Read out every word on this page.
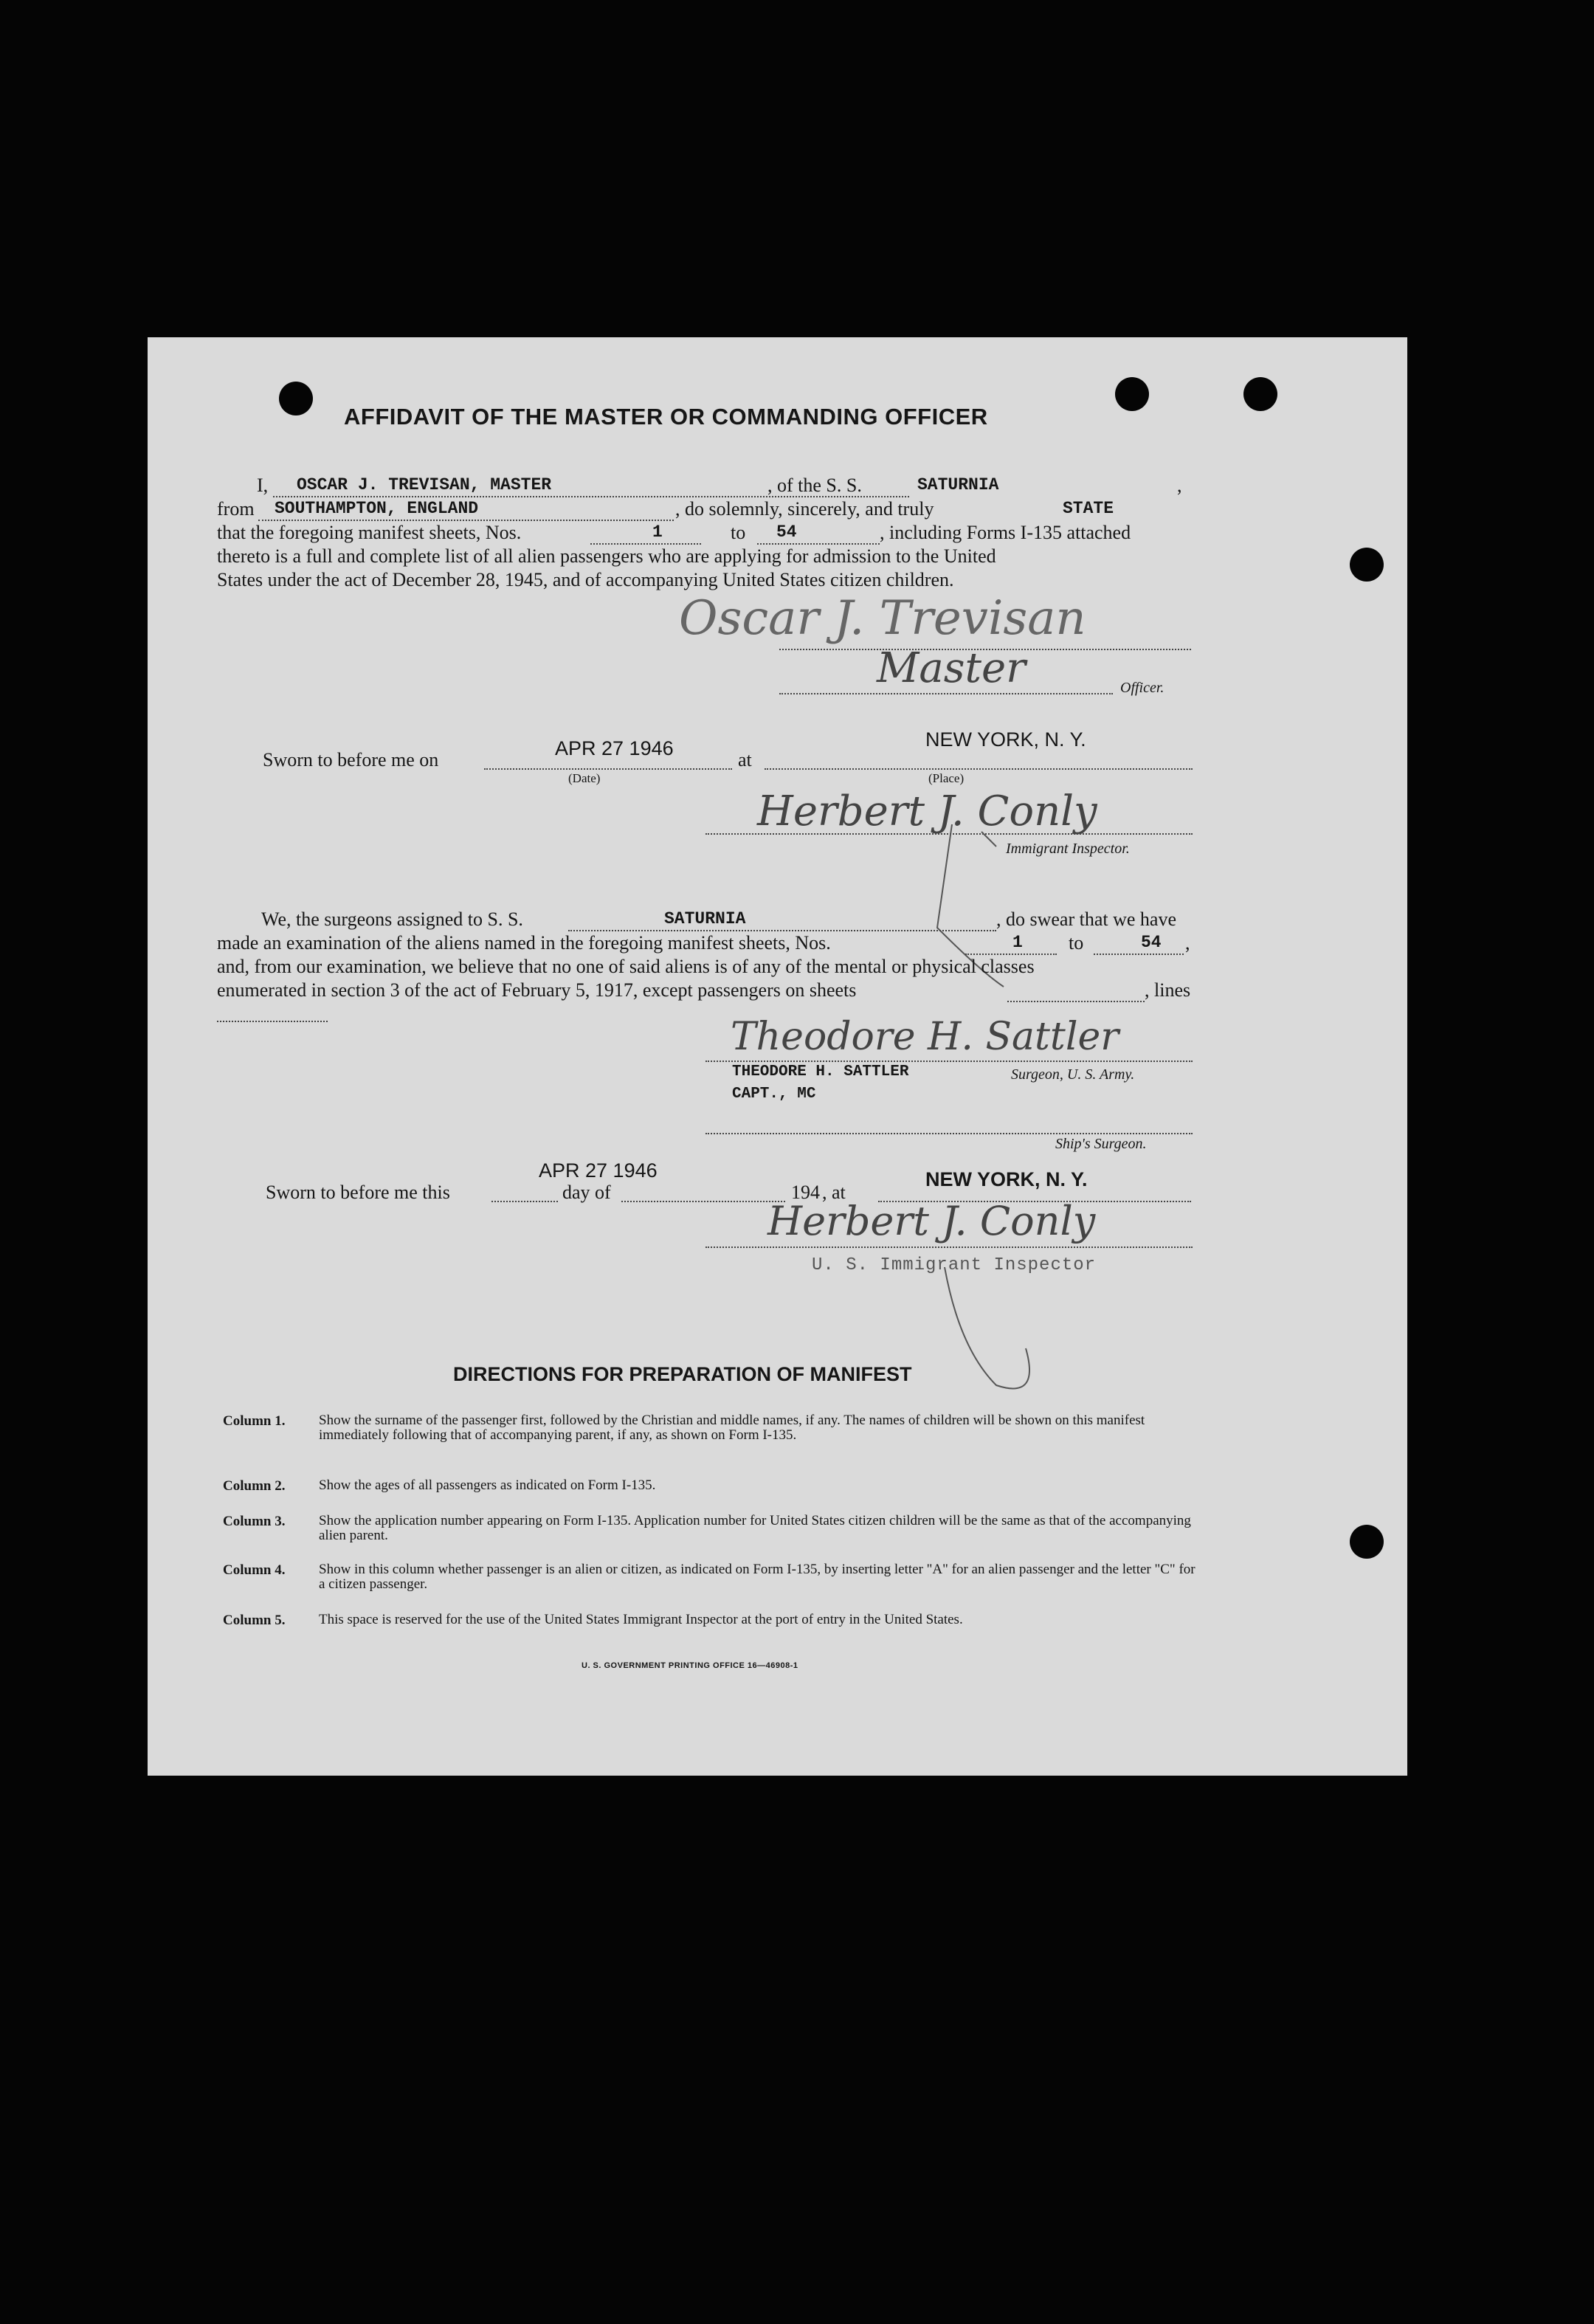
AFFIDAVIT OF THE MASTER OR COMMANDING OFFICER
I, OSCAR J. TREVISAN, MASTER	, of the S. S.	SATURNIA	,
from SOUTHAMPTON, ENGLAND	, do solemnly, sincerely, and truly	STATE
that the foregoing manifest sheets, Nos.	1	to 54	, including Forms I-135 attached
thereto is a full and complete list of all alien passengers who are applying for admission to the United
States under the act of December 28, 1945, and of accompanying United States citizen children.
Oscar J. Trevisan
Master	Officer.
Sworn to before me on
APR 27 1946
(Date)
at
NEW YORK, N. Y.
(Place)
Herbert J. Conly
Immigrant Inspector.
We, the surgeons assigned to S. S.	SATURNIA	, do swear that we have
made an examination of the aliens named in the foregoing manifest sheets, Nos.	1 to	54 ,
and, from our examination, we believe that no one of said aliens is of any of the mental or physical classes
enumerated in section 3 of the act of February 5, 1917, except passengers on sheets	, lines
Theodore H. Sattler
THEODORE H. SATTLER	Surgeon, U. S. Army.
CAPT., MC
Ship's Surgeon.
APR 27 1946
Sworn to before me this	day of	194 , at
NEW YORK, N. Y.
Herbert J. Conly
U. S. Immigrant Inspector
DIRECTIONS FOR PREPARATION OF MANIFEST
Column 1. Show the surname of the passenger first, followed by the Christian and middle names, if any. The names of children will be shown on this manifest immediately following that of accompanying parent, if any, as shown on Form I-135.
Column 2. Show the ages of all passengers as indicated on Form I-135.
Column 3. Show the application number appearing on Form I-135. Application number for United States citizen children will be the same as that of the accompanying alien parent.
Column 4. Show in this column whether passenger is an alien or citizen, as indicated on Form I-135, by inserting letter "A" for an alien passenger and the letter "C" for a citizen passenger.
Column 5. This space is reserved for the use of the United States Immigrant Inspector at the port of entry in the United States.
U. S. GOVERNMENT PRINTING OFFICE 16—46908-1
